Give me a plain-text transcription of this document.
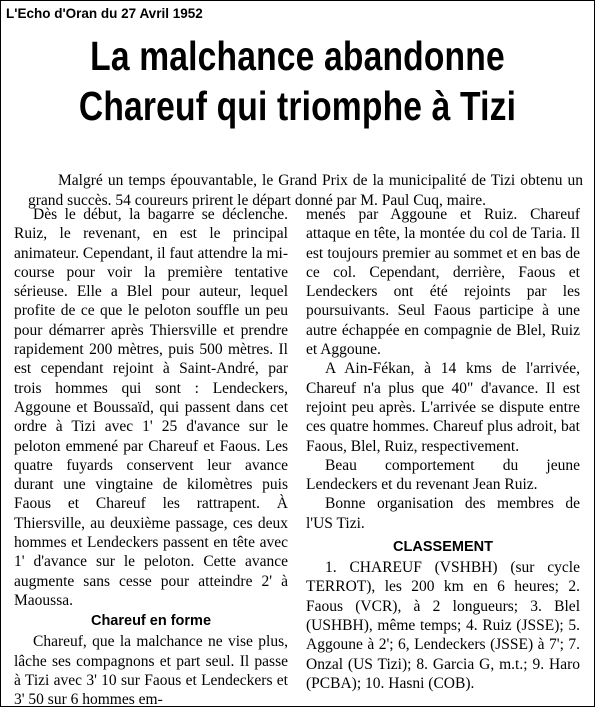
L'Echo d'Oran du 27 Avril 1952
La malchance abandonne
Chareuf qui triomphe à Tizi

Malgré un temps épouvantable, le Grand Prix de la municipalité de Tizi obtenu un grand succès. 54 coureurs prirent le départ donné par M. Paul Cuq, maire.

Dès le début, la bagarre se déclenche. Ruiz, le revenant, en est le principal animateur. Cependant, il faut attendre la mi-course pour voir la première tentative sérieuse. Elle a Blel pour auteur, lequel profite de ce que le peloton souffle un peu pour démarrer après Thiersville et prendre rapidement 200 mètres, puis 500 mètres. Il est cependant rejoint à Saint-André, par trois hommes qui sont : Lendeckers, Aggoune et Boussaïd, qui passent dans cet ordre à Tizi avec 1' 25 d'avance sur le peloton emmené par Chareuf et Faous. Les quatre fuyards conservent leur avance durant une vingtaine de kilomètres puis Faous et Chareuf les rattrapent. À Thiersville, au deuxième passage, ces deux hommes et Lendeckers passent en tête avec 1' d'avance sur le peloton. Cette avance augmente sans cesse pour atteindre 2' à Maoussa.

Chareuf en forme

Chareuf, que la malchance ne vise plus, lâche ses compagnons et part seul. Il passe à Tizi avec 3' 10 sur Faous et Lendeckers et 3' 50 sur 6 hommes em-

menés par Aggoune et Ruiz. Chareuf attaque en tête, la montée du col de Taria. Il est toujours premier au sommet et en bas de ce col. Cependant, derrière, Faous et Lendeckers ont été rejoints par les poursuivants. Seul Faous participe à une autre échappée en compagnie de Blel, Ruiz et Aggoune.

A Ain-Fékan, à 14 kms de l'arrivée, Chareuf n'a plus que 40" d'avance. Il est rejoint peu après. L'arrivée se dispute entre ces quatre hommes. Chareuf plus adroit, bat Faous, Blel, Ruiz, respectivement.

Beau comportement du jeune Lendeckers et du revenant Jean Ruiz.

Bonne organisation des membres de l'US Tizi.

CLASSEMENT

1. CHAREUF (VSHBH) (sur cycle TERROT), les 200 km en 6 heures; 2. Faous (VCR), à 2 longueurs; 3. Blel (USHBH), même temps; 4. Ruiz (JSSE); 5. Aggoune à 2'; 6, Lendeckers (JSSE) à 7'; 7. Onzal (US Tizi); 8. Garcia G, m.t.; 9. Haro (PCBA); 10. Hasni (COB).
